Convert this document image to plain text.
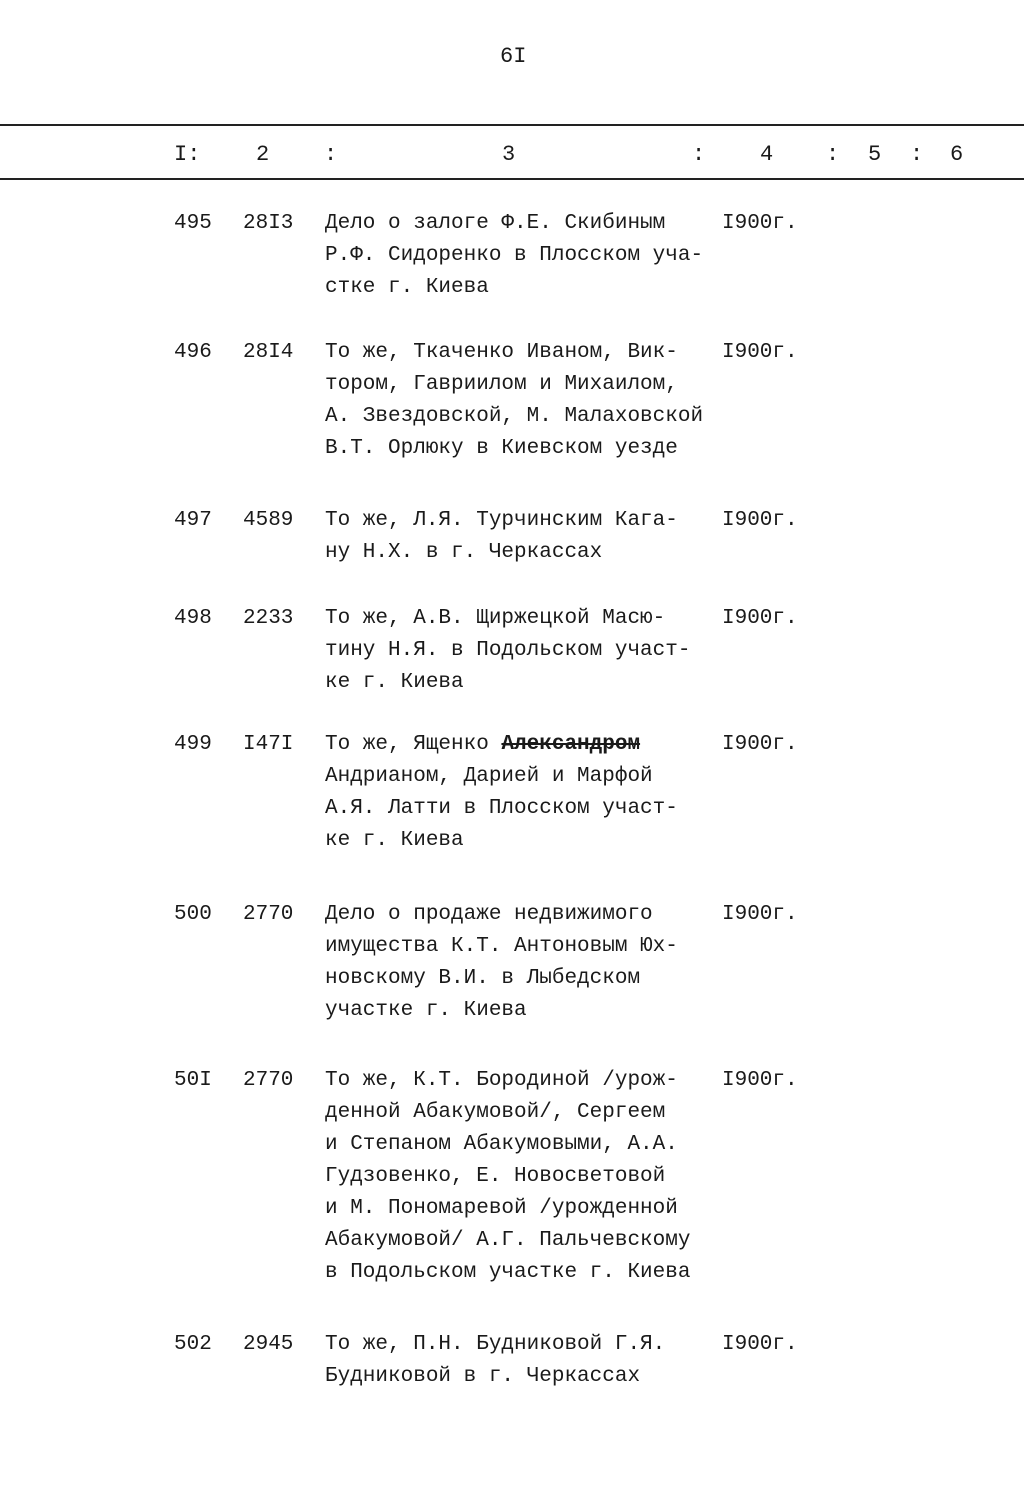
6I
I:	2 :	3	: 4 : 5 : 6
495 28I3 Дело о залоге Ф.Е. Скибиным
Р.Ф. Сидоренко в Плосском уча-
стке г. Киева
I900г.
496 28I4 То же, Ткаченко Иваном, Вик-
тором, Гавриилом и Михаилом,
А. Звездовской, М. Малаховской
В.Т. Орлюку в Киевском уезде
I900г.
497 4589 То же, Л.Я. Турчинским Кага-
ну Н.Х. в г. Черкассах
I900г.
498 2233 То же, А.В. Щиржецкой Масю-
тину Н.Я. в Подольском участ-
ке г. Киева
I900г.
499 I47I То же, Ященко Александром
Андрианом, Дарией и Марфой
А.Я. Латти в Плосском участ-
ке г. Киева
I900г.
500 2770 Дело о продаже недвижимого
имущества К.Т. Антоновым Юх-
новскому В.И. в Лыбедском
участке г. Киева
I900г.
50I 2770 То же, К.Т. Бородиной /урож-
денной Абакумовой/, Сергеем
и Степаном Абакумовыми, А.А.
Гудзовенко, Е. Новосветовой
и М. Пономаревой /урожденной
Абакумовой/ А.Г. Пальчевскому
в Подольском участке г. Киева
I900г.
502 2945 То же, П.Н. Будниковой Г.Я.
Будниковой в г. Черкассах
I900г.
